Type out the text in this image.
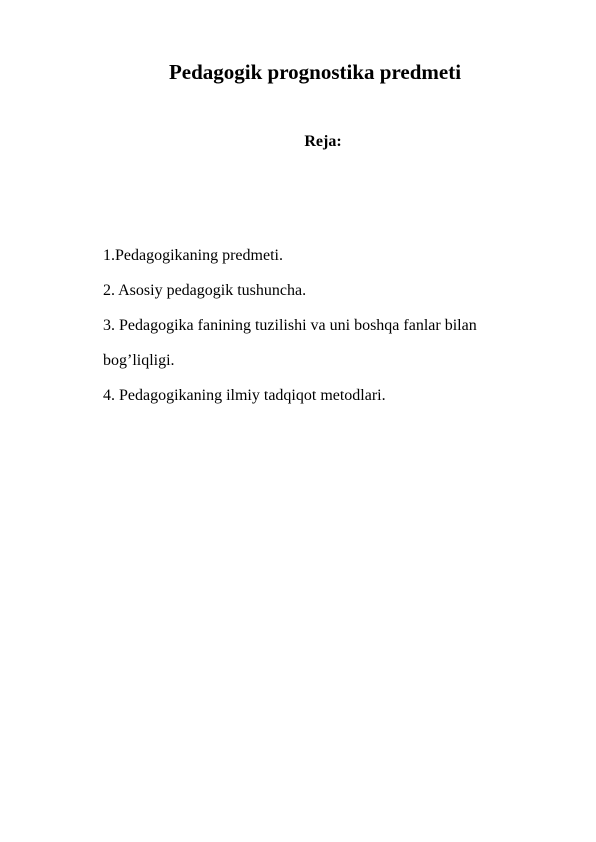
Pedagogik prognostika predmeti
Reja:
1.Pedagogikaning predmeti.
2. Asosiy pedagogik tushuncha.
3. Pedagogika fanining tuzilishi va uni boshqa fanlar bilan
bog’liqligi.
4. Pedagogikaning ilmiy tadqiqot metodlari.
